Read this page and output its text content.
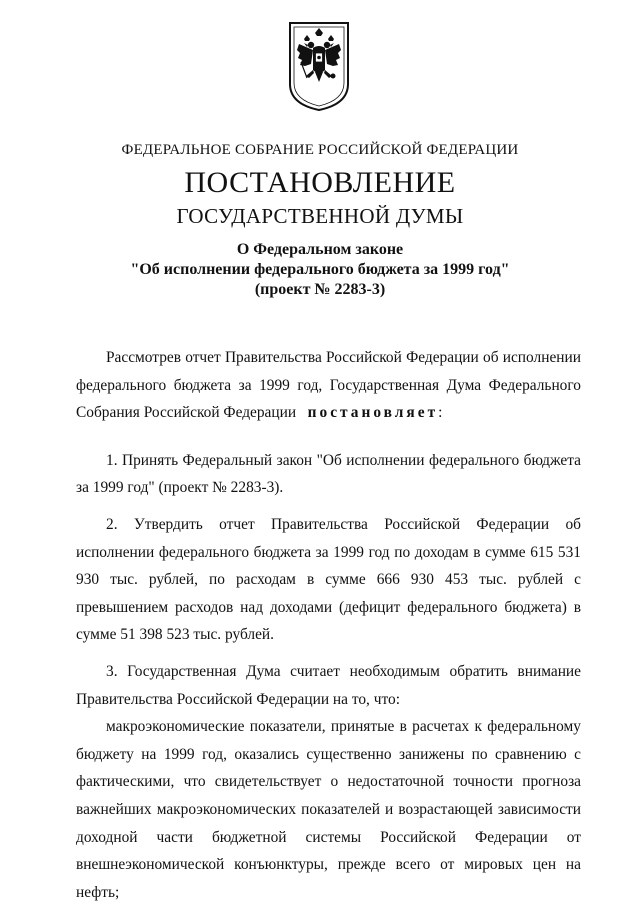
ФЕДЕРАЛЬНОЕ СОБРАНИЕ РОССИЙСКОЙ ФЕДЕРАЦИИ
ПОСТАНОВЛЕНИЕ
ГОСУДАРСТВЕННОЙ ДУМЫ
О Федеральном законе
"Об исполнении федерального бюджета за 1999 год"
(проект № 2283-3)

Рассмотрев отчет Правительства Российской Федерации об исполнении федерального бюджета за 1999 год, Государственная Дума Федерального Собрания Российской Федерации постановляет:

1. Принять Федеральный закон "Об исполнении федерального бюджета за 1999 год" (проект № 2283-3).

2. Утвердить отчет Правительства Российской Федерации об исполнении федерального бюджета за 1999 год по доходам в сумме 615 531 930 тыс. рублей, по расходам в сумме 666 930 453 тыс. рублей с превышением расходов над доходами (дефицит федерального бюджета) в сумме 51 398 523 тыс. рублей.

3. Государственная Дума считает необходимым обратить внимание Правительства Российской Федерации на то, что:

макроэкономические показатели, принятые в расчетах к федеральному бюджету на 1999 год, оказались существенно занижены по сравнению с фактическими, что свидетельствует о недостаточной точности прогноза важнейших макроэкономических показателей и возрастающей зависимости доходной части бюджетной системы Российской Федерации от внешнеэкономической конъюнктуры, прежде всего от мировых цен на нефть;
